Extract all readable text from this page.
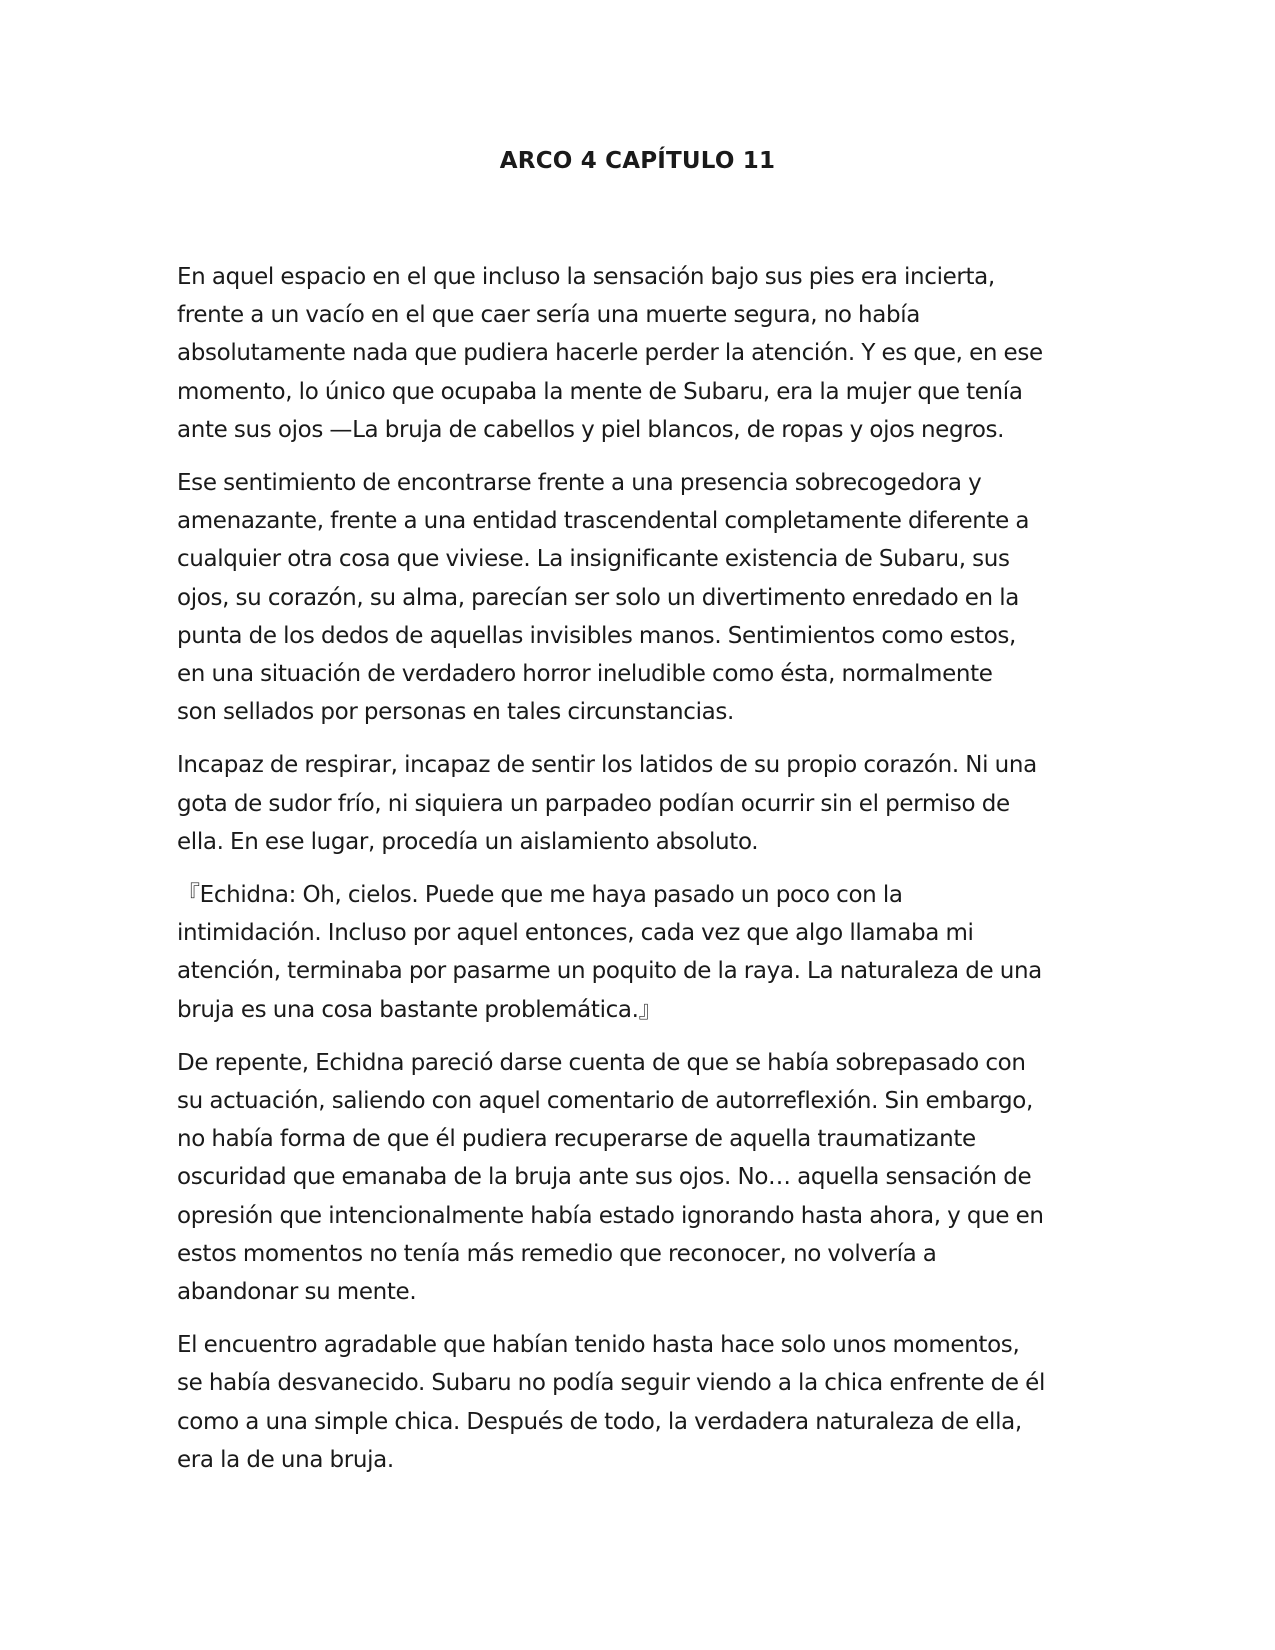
ARCO 4 CAPÍTULO 11

En aquel espacio en el que incluso la sensación bajo sus pies era incierta,
frente a un vacío en el que caer sería una muerte segura, no había
absolutamente nada que pudiera hacerle perder la atención. Y es que, en ese
momento, lo único que ocupaba la mente de Subaru, era la mujer que tenía
ante sus ojos —La bruja de cabellos y piel blancos, de ropas y ojos negros.

Ese sentimiento de encontrarse frente a una presencia sobrecogedora y
amenazante, frente a una entidad trascendental completamente diferente a
cualquier otra cosa que viviese. La insignificante existencia de Subaru, sus
ojos, su corazón, su alma, parecían ser solo un divertimento enredado en la
punta de los dedos de aquellas invisibles manos. Sentimientos como estos,
en una situación de verdadero horror ineludible como ésta, normalmente
son sellados por personas en tales circunstancias.

Incapaz de respirar, incapaz de sentir los latidos de su propio corazón. Ni una
gota de sudor frío, ni siquiera un parpadeo podían ocurrir sin el permiso de
ella. En ese lugar, procedía un aislamiento absoluto.

『Echidna: Oh, cielos. Puede que me haya pasado un poco con la
intimidación. Incluso por aquel entonces, cada vez que algo llamaba mi
atención, terminaba por pasarme un poquito de la raya. La naturaleza de una
bruja es una cosa bastante problemática.』

De repente, Echidna pareció darse cuenta de que se había sobrepasado con
su actuación, saliendo con aquel comentario de autorreflexión. Sin embargo,
no había forma de que él pudiera recuperarse de aquella traumatizante
oscuridad que emanaba de la bruja ante sus ojos. No… aquella sensación de
opresión que intencionalmente había estado ignorando hasta ahora, y que en
estos momentos no tenía más remedio que reconocer, no volvería a
abandonar su mente.

El encuentro agradable que habían tenido hasta hace solo unos momentos,
se había desvanecido. Subaru no podía seguir viendo a la chica enfrente de él
como a una simple chica. Después de todo, la verdadera naturaleza de ella,
era la de una bruja.
